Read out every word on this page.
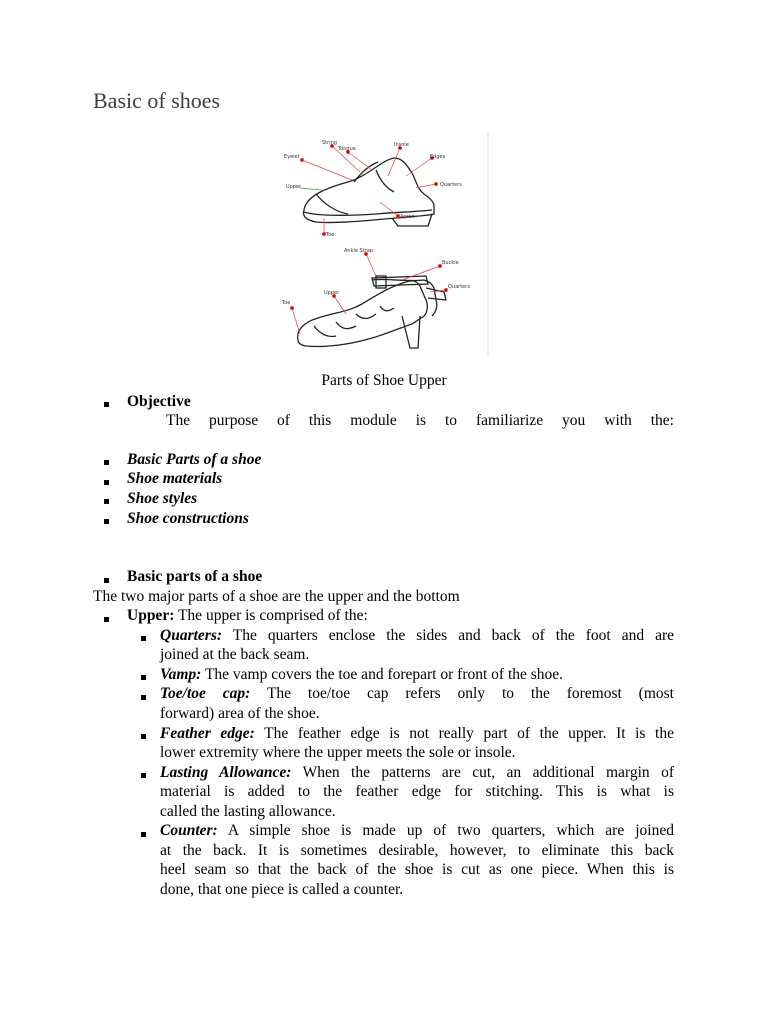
Basic of shoes
Eyelet
String
Tongue
Insole
Edges
Upper	Quarters
Apron
Toe
Ankle Strap
Buckle
Quarters
Upper
Toe
Parts of Shoe Upper
Objective
The purpose of this module is to familiarize you with the:
Basic Parts of a shoe
Shoe materials
Shoe styles
Shoe constructions
Basic parts of a shoe
The two major parts of a shoe are the upper and the bottom
Upper: The upper is comprised of the:
Quarters: The quarters enclose the sides and back of the foot and are
joined at the back seam.
Vamp: The vamp covers the toe and forepart or front of the shoe.
Toe/toe cap: The toe/toe cap refers only to the foremost (most
forward) area of the shoe.
Feather edge: The feather edge is not really part of the upper. It is the
lower extremity where the upper meets the sole or insole.
Lasting Allowance: When the patterns are cut, an additional margin of
material is added to the feather edge for stitching. This is what is
called the lasting allowance.
Counter: A simple shoe is made up of two quarters, which are joined
at the back. It is sometimes desirable, however, to eliminate this back
heel seam so that the back of the shoe is cut as one piece. When this is
done, that one piece is called a counter.
